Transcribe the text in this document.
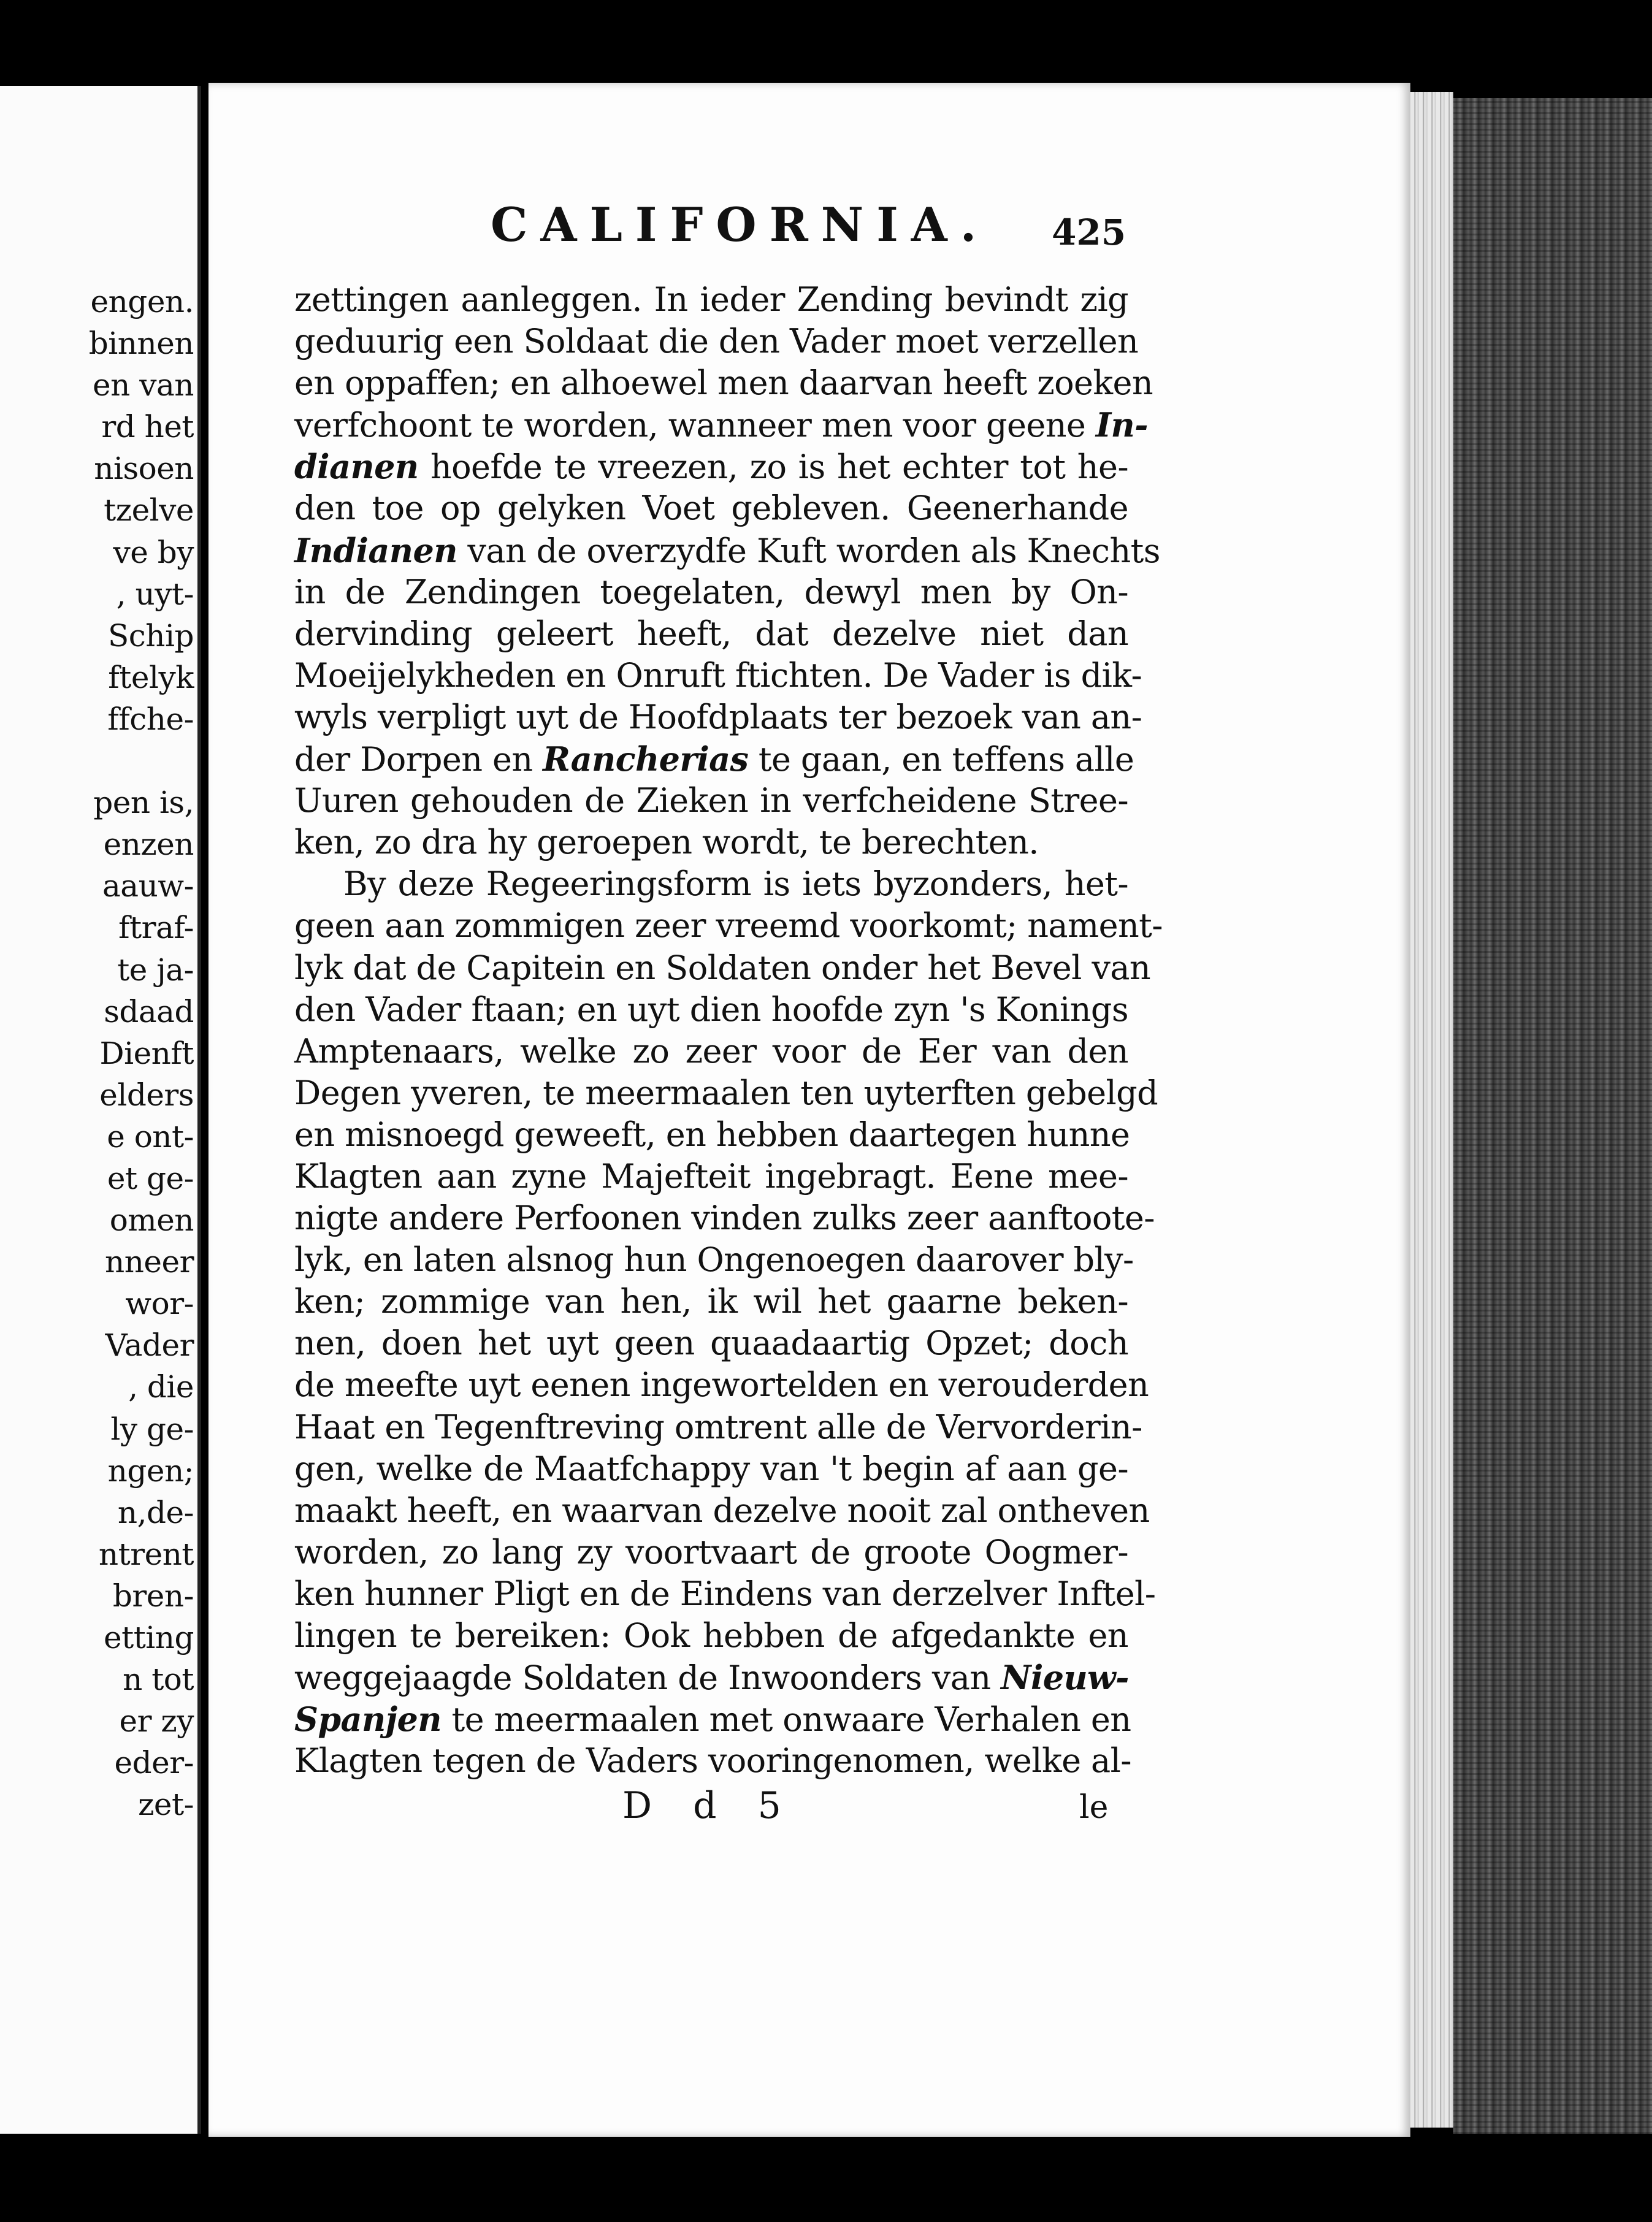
engen.
binnen
en van
rd het
nisoen
tzelve
ve by
, uyt-
Schip
ftelyk
ffche-
pen is,
enzen
aauw-
ftraf-
te ja-
sdaad
Dienft
elders
e ont-
et ge-
omen
nneer
wor-
Vader
, die
ly ge-
ngen;
n,de-
ntrent
bren-
etting
n tot
er zy
eder-
zet-
CALIFORNIA. 425
zettingen aanleggen. In ieder Zending bevindt zig
geduurig een Soldaat die den Vader moet verzellen
en oppaffen; en alhoewel men daarvan heeft zoeken
verfchoont te worden, wanneer men voor geene In-
dianen hoefde te vreezen, zo is het echter tot he-
den toe op gelyken Voet gebleven. Geenerhande
Indianen van de overzydfe Kuft worden als Knechts
in de Zendingen toegelaten, dewyl men by On-
dervinding geleert heeft, dat dezelve niet dan
Moeijelykheden en Onruft ftichten. De Vader is dik-
wyls verpligt uyt de Hoofdplaats ter bezoek van an-
der Dorpen en Rancherias te gaan, en teffens alle
Uuren gehouden de Zieken in verfcheidene Stree-
ken, zo dra hy geroepen wordt, te berechten.
By deze Regeeringsform is iets byzonders, het-
geen aan zommigen zeer vreemd voorkomt; nament-
lyk dat de Capitein en Soldaten onder het Bevel van
den Vader ftaan; en uyt dien hoofde zyn 's Konings
Amptenaars, welke zo zeer voor de Eer van den
Degen yveren, te meermaalen ten uyterften gebelgd
en misnoegd geweeft, en hebben daartegen hunne
Klagten aan zyne Majefteit ingebragt. Eene mee-
nigte andere Perfoonen vinden zulks zeer aanftoote-
lyk, en laten alsnog hun Ongenoegen daarover bly-
ken; zommige van hen, ik wil het gaarne beken-
nen, doen het uyt geen quaadaartig Opzet; doch
de meefte uyt eenen ingewortelden en verouderden
Haat en Tegenftreving omtrent alle de Vervorderin-
gen, welke de Maatfchappy van 't begin af aan ge-
maakt heeft, en waarvan dezelve nooit zal ontheven
worden, zo lang zy voortvaart de groote Oogmer-
ken hunner Pligt en de Eindens van derzelver Inftel-
lingen te bereiken: Ook hebben de afgedankte en
weggejaagde Soldaten de Inwoonders van Nieuw-
Spanjen te meermaalen met onwaare Verhalen en
Klagten tegen de Vaders vooringenomen, welke al-
D d 5	le
